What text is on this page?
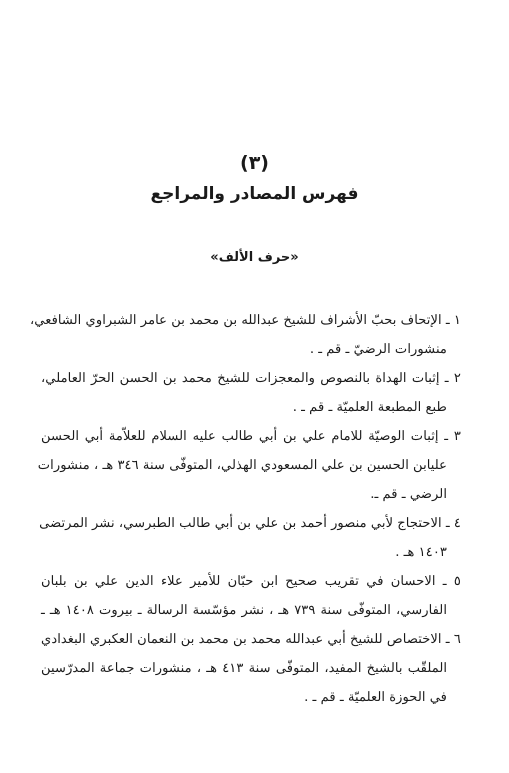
(٣)
فهرس المصادر والمراجع
«حرف الألف»
١ ـ الإتحاف بحبّ الأشراف للشيخ عبدالله بن محمد بن عامر الشبراوي الشافعي،
منشورات الرضيّ ـ قم ـ .
٢ ـ إثبات الهداة بالنصوص والمعجزات للشيخ محمد بن الحسن الحرّ العاملي،
طبع المطبعة العلميّة ـ قم ـ .
٣ ـ إثبات الوصيّة للامام علي بن أبي طالب عليه السلام للعلاّمة أبي الحسن
عليابن الحسين بن علي المسعودي الهذلي، المتوفّى سنة ٣٤٦ هـ ، منشورات
الرضي ـ قم ـ.
٤ ـ الاحتجاج لأبي منصور أحمد بن علي بن أبي طالب الطبرسي، نشر المرتضى
١٤٠٣ هـ .
٥ ـ الاحسان في تقريب صحيح ابن حبّان للأمير علاء الدين علي بن بلبان
الفارسي، المتوفّى سنة ٧٣٩ هـ ، نشر مؤسّسة الرسالة ـ بيروت ١٤٠٨ هـ ـ
٦ ـ الاختصاص للشيخ أبي عبدالله محمد بن محمد بن النعمان العكبري البغدادي
الملقّب بالشيخ المفيد، المتوفّى سنة ٤١٣ هـ ، منشورات جماعة المدرّسين
في الحوزة العلميّة ـ قم ـ .
